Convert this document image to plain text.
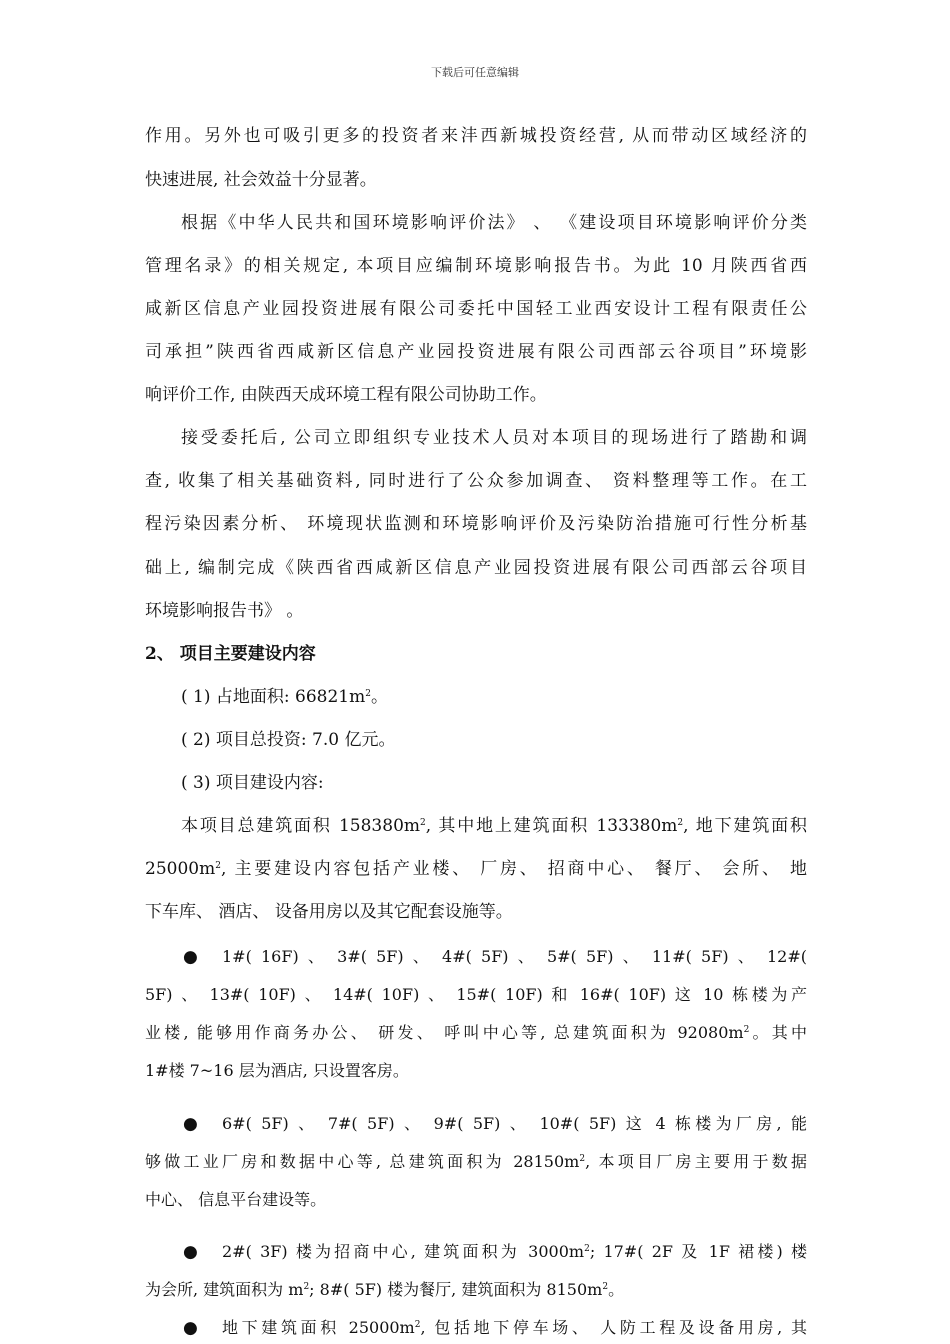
下载后可任意编辑
作用。另外也可吸引更多的投资者来沣西新城投资经营, 从而带动区域经济的
快速进展, 社会效益十分显著。
根据《中华人民共和国环境影响评价法》 、 《建设项目环境影响评价分类
管理名录》的相关规定, 本项目应编制环境影响报告书。为此 10 月陕西省西
咸新区信息产业园投资进展有限公司委托中国轻工业西安设计工程有限责任公
司承担”陕西省西咸新区信息产业园投资进展有限公司西部云谷项目”环境影
响评价工作, 由陕西天成环境工程有限公司协助工作。
接受委托后, 公司立即组织专业技术人员对本项目的现场进行了踏勘和调
查, 收集了相关基础资料, 同时进行了公众参加调查、 资料整理等工作。在工
程污染因素分析、 环境现状监测和环境影响评价及污染防治措施可行性分析基
础上, 编制完成《陕西省西咸新区信息产业园投资进展有限公司西部云谷项目
环境影响报告书》 。
2、 项目主要建设内容
( 1) 占地面积: $66821m^2$。
( 2) 项目总投资: 7.0 亿元。
( 3) 项目建设内容:
本项目总建筑面积 $158380m^2$, 其中地上建筑面积 $133380m^2$, 地下建筑面积
$25000m^2$, 主要建设内容包括产业楼、 厂房、 招商中心、 餐厅、 会所、 地
下车库、 酒店、 设备用房以及其它配套设施等。
● 1#( 16F) 、 3#( 5F) 、 4#( 5F) 、 5#( 5F) 、 11#( 5F) 、 12#(
5F) 、 13#( 10F) 、 14#( 10F) 、 15#( 10F) 和 16#( 10F) 这 10 栋楼为产
业楼, 能够用作商务办公、 研发、 呼叫中心等, 总建筑面积为 $92080m^2$。其中
1#楼 7~16 层为酒店, 只设置客房。
● 6#( 5F) 、 7#( 5F) 、 9#( 5F) 、 10#( 5F) 这 4 栋楼为厂房, 能
够做工业厂房和数据中心等, 总建筑面积为 $28150m^2$, 本项目厂房主要用于数据
中心、 信息平台建设等。
● 2#( 3F) 楼为招商中心, 建筑面积为 $3000m^2$; 17#( 2F 及 1F 裙楼) 楼
为会所, 建筑面积为 $m^2$; 8#( 5F) 楼为餐厅, 建筑面积为 $8150m^2$。
● 地下建筑面积 $25000m^2$, 包括地下停车场、 人防工程及设备用房, 其
